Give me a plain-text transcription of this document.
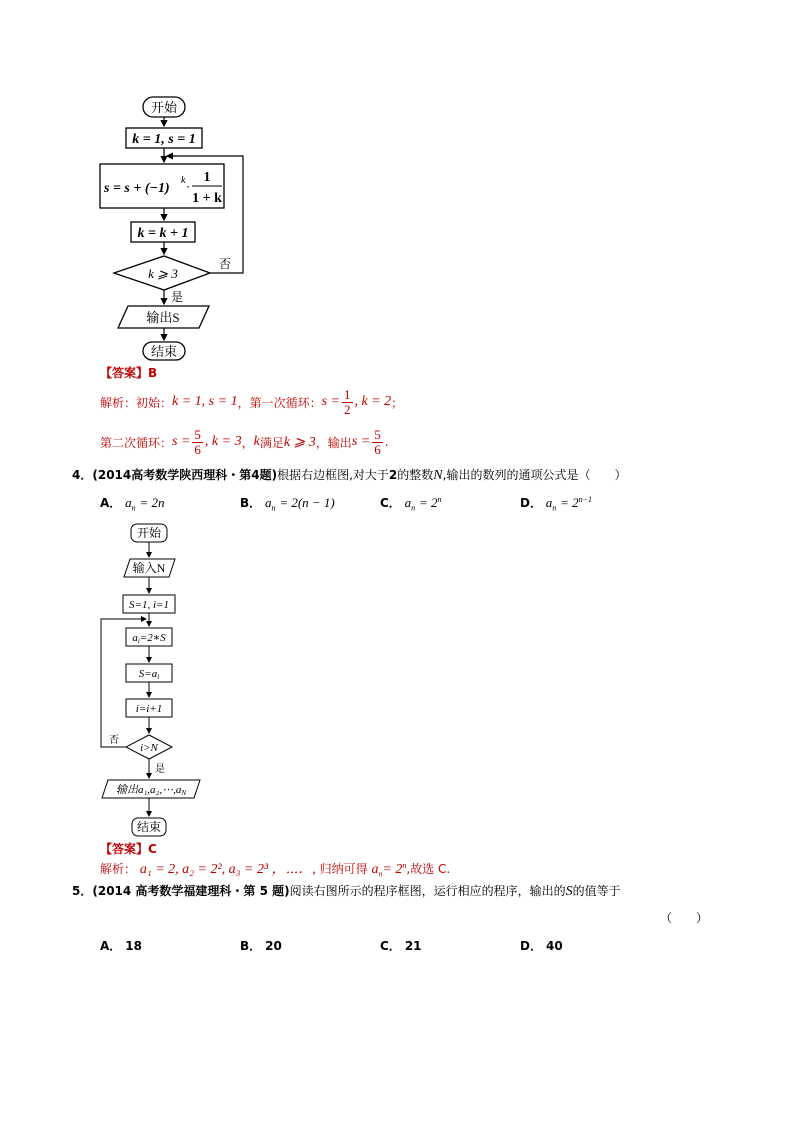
开始
k = 1, s = 1
s = s + (−1)
k ·
1
1 + k
k = k + 1
k ⩾ 3
否
是
输出S
结束
【答案】B
解析：初始： k = 1, s = 1 ，第一次循环： $s = \frac{1}{2}$ , k = 2 ；
第二次循环： $s = \frac{5}{6}$ , k = 3 ， k 满足 k ⩾ 3 ，输出 $s = \frac{5}{6}$ .
4．(2014高考数学陕西理科・第4题)根据右边框图,对大于2的整数N,输出的数列的通项公式是（　　）
A． $a_n = 2n$	B． $a_n = 2(n - 1)$	C． $a_n = 2^n$	D． $a_n = 2^{n-1}$
开始
输入N
S=1, i=1
ai=2∗S
S=ai
i=i+1
i>N
否
是
输出a₁,a₂,⋯,aN
结束
【答案】C
解析： a₁ = 2, a₂ = 2², a₃ = 2³ ，⋯．, 归纳可得 $a_n= 2^n$,故选 C.
5．(2014 高考数学福建理科・第 5 题)阅读右图所示的程序框图，运行相应的程序，输出的S的值等于
（　　）
A． 18	B． 20	C． 21	D． 40
